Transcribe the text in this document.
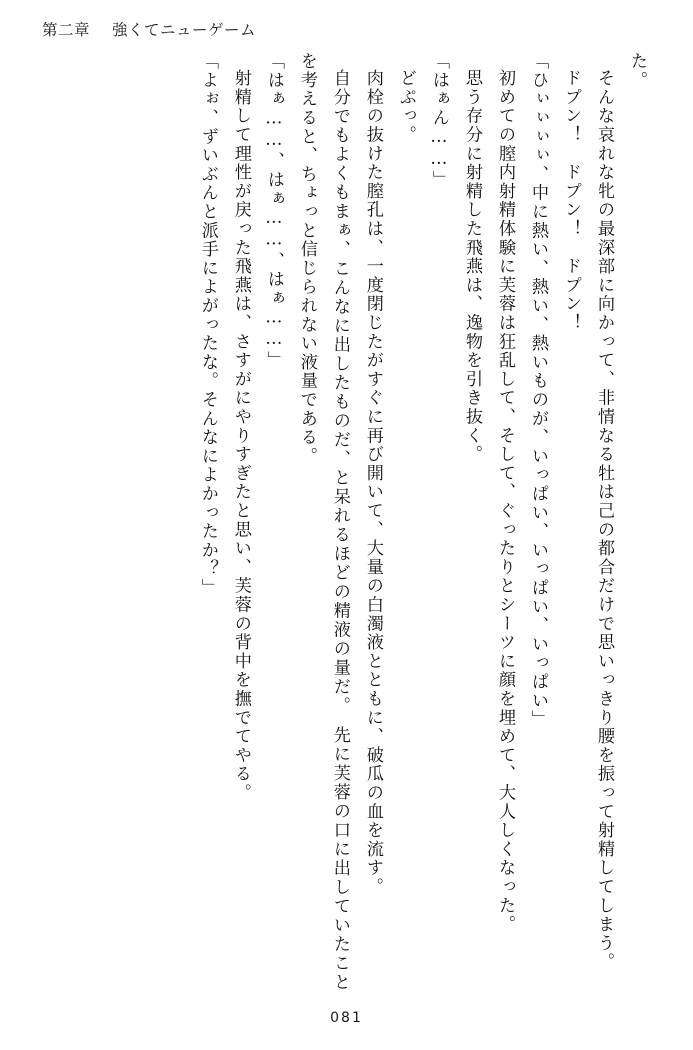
第二章 強くてニューゲーム

た。

そんな哀れな牝の最深部に向かって、非情なる牡は己の都合だけで思いっきり腰を振って射精してしまう。

ドプン！　ドプン！　ドプン！

「ひぃぃぃぃ、中に熱い、熱い、熱いものが、いっぱい、いっぱい、いっぱい」

初めての膣内射精体験に芙蓉は狂乱して、そして、ぐったりとシーツに顔を埋めて、大人しくなった。

思う存分に射精した飛燕は、逸物を引き抜く。

「はぁん……」

どぷっ。

肉栓の抜けた膣孔は、一度閉じたがすぐに再び開いて、大量の白濁液とともに、破瓜の血を流す。

自分でもよくもまぁ、こんなに出したものだ、と呆れるほどの精液の量だ。　先に芙蓉の口に出していたことを考えると、ちょっと信じられない液量である。

「はぁ……、はぁ……、はぁ……」

射精して理性が戻った飛燕は、さすがにやりすぎたと思い、芙蓉の背中を撫でてやる。

「よぉ、ずいぶんと派手によがったな。そんなによかったか？」

081
